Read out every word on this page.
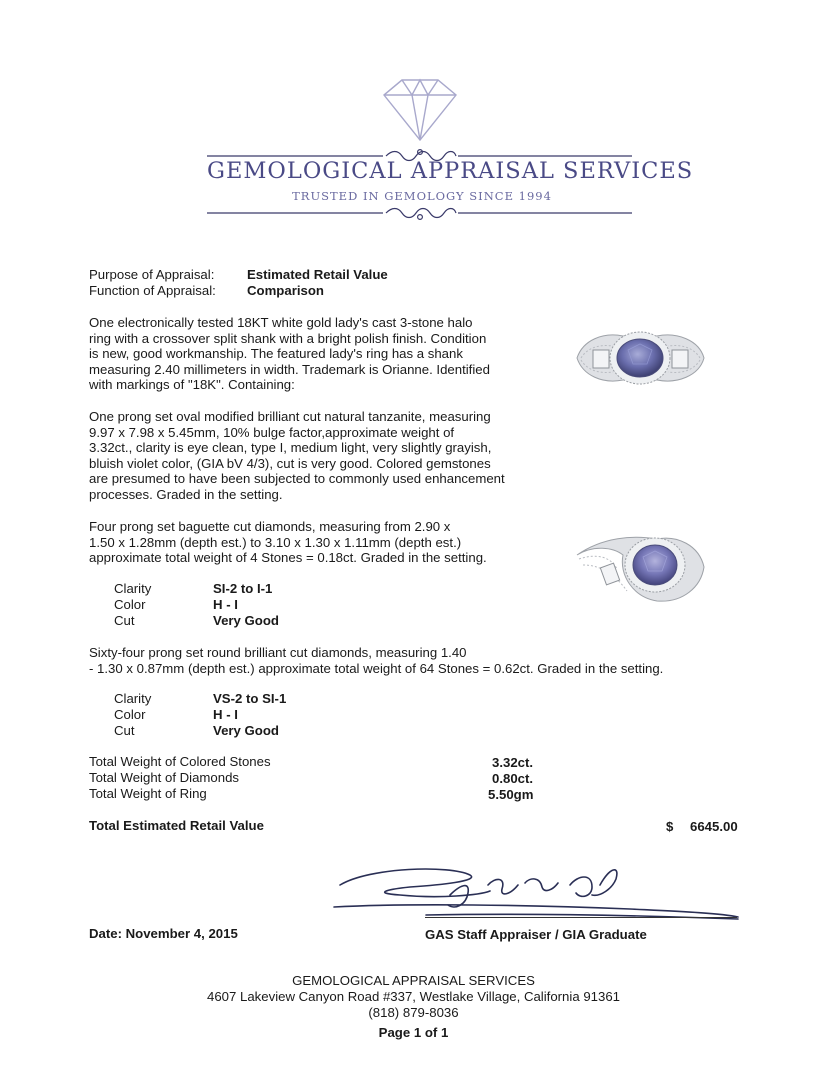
GEMOLOGICAL APPRAISAL SERVICES
TRUSTED IN GEMOLOGY SINCE 1994
Purpose of Appraisal: Estimated Retail Value
Function of Appraisal: Comparison
One electronically tested 18KT white gold lady's cast 3-stone halo
ring with a crossover split shank with a bright polish finish. Condition
is new, good workmanship. The featured lady's ring has a shank
measuring 2.40 millimeters in width. Trademark is Orianne. Identified
with markings of "18K". Containing:
One prong set oval modified brilliant cut natural tanzanite, measuring
9.97 x 7.98 x 5.45mm, 10% bulge factor,approximate weight of
3.32ct., clarity is eye clean, type I, medium light, very slightly grayish,
bluish violet color, (GIA bV 4/3), cut is very good. Colored gemstones
are presumed to have been subjected to commonly used enhancement
processes. Graded in the setting.
Four prong set baguette cut diamonds, measuring from 2.90 x
1.50 x 1.28mm (depth est.) to 3.10 x 1.30 x 1.11mm (depth est.)
approximate total weight of 4 Stones = 0.18ct. Graded in the setting.
Clarity	SI-2 to I-1
Color	H - I
Cut	Very Good
Sixty-four prong set round brilliant cut diamonds, measuring 1.40
- 1.30 x 0.87mm (depth est.) approximate total weight of 64 Stones = 0.62ct. Graded in the setting.
Clarity	VS-2 to SI-1
Color	H - I
Cut	Very Good
Total Weight of Colored Stones	3.32ct.
Total Weight of Diamonds	0.80ct.
Total Weight of Ring	5.50gm
Total Estimated Retail Value	$ 6645.00
Date: November 4, 2015	GAS Staff Appraiser / GIA Graduate
GEMOLOGICAL APPRAISAL SERVICES
4607 Lakeview Canyon Road #337, Westlake Village, California 91361
(818) 879-8036
Page 1 of 1
